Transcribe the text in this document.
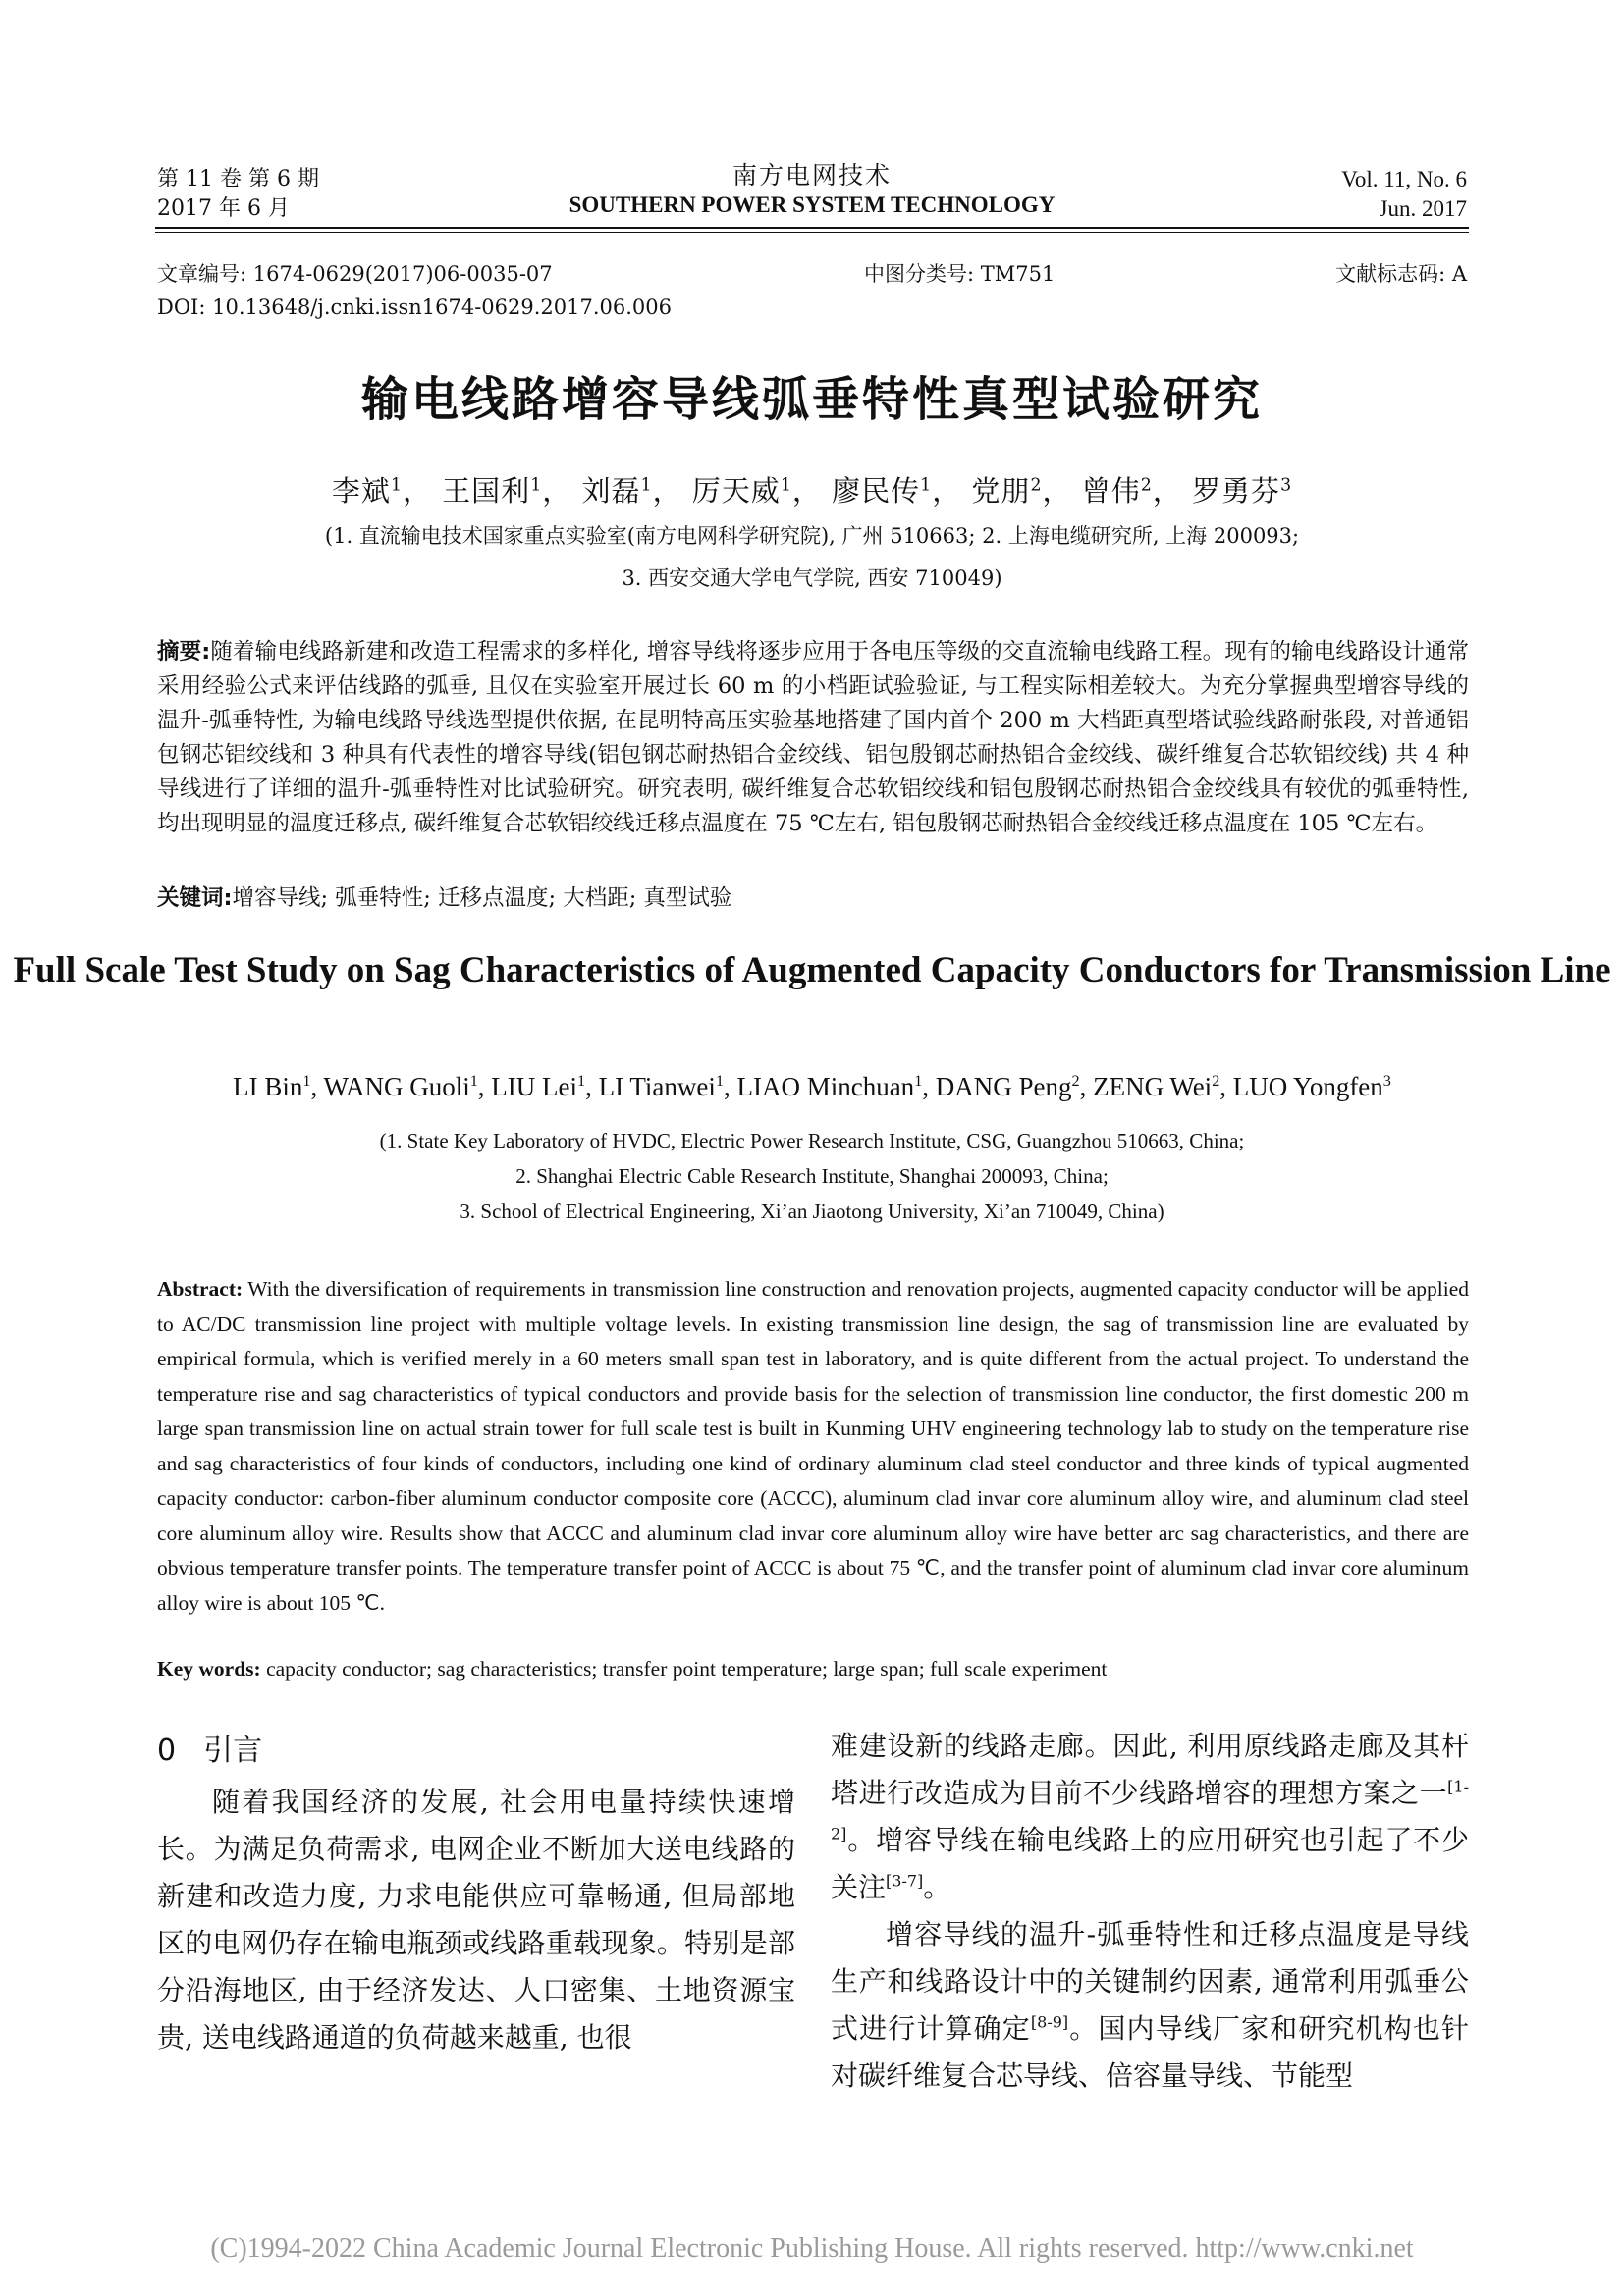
第 11 卷 第 6 期
2017 年 6 月
南方电网技术
SOUTHERN POWER SYSTEM TECHNOLOGY
Vol. 11, No. 6
Jun. 2017
文章编号: 1674-0629(2017)06-0035-07	中图分类号: TM751	文献标志码: A
DOI: 10.13648/j.cnki.issn1674-0629.2017.06.006
输电线路增容导线弧垂特性真型试验研究
李斌$^1$， 王国利$^1$， 刘磊$^1$， 厉天威$^1$， 廖民传$^1$， 党朋$^2$， 曾伟$^2$， 罗勇芬$^3$
(1. 直流输电技术国家重点实验室(南方电网科学研究院), 广州 510663; 2. 上海电缆研究所, 上海 200093;
3. 西安交通大学电气学院, 西安 710049)
摘要:随着输电线路新建和改造工程需求的多样化, 增容导线将逐步应用于各电压等级的交直流输电线路工程。现有的输电线路设计通常采用经验公式来评估线路的弧垂, 且仅在实验室开展过长 60 m 的小档距试验验证, 与工程实际相差较大。为充分掌握典型增容导线的温升-弧垂特性, 为输电线路导线选型提供依据, 在昆明特高压实验基地搭建了国内首个 200 m 大档距真型塔试验线路耐张段, 对普通铝包钢芯铝绞线和 3 种具有代表性的增容导线(铝包钢芯耐热铝合金绞线、铝包殷钢芯耐热铝合金绞线、碳纤维复合芯软铝绞线) 共 4 种导线进行了详细的温升-弧垂特性对比试验研究。研究表明, 碳纤维复合芯软铝绞线和铝包殷钢芯耐热铝合金绞线具有较优的弧垂特性, 均出现明显的温度迁移点, 碳纤维复合芯软铝绞线迁移点温度在 75 ℃左右, 铝包殷钢芯耐热铝合金绞线迁移点温度在 105 ℃左右。
关键词:增容导线; 弧垂特性; 迁移点温度; 大档距; 真型试验
Full Scale Test Study on Sag Characteristics of Augmented Capacity Conductors for Transmission Line
LI Bin$^1$, WANG Guoli$^1$, LIU Lei$^1$, LI Tianwei$^1$, LIAO Minchuan$^1$, DANG Peng$^2$, ZENG Wei$^2$, LUO Yongfen$^3$
(1. State Key Laboratory of HVDC, Electric Power Research Institute, CSG, Guangzhou 510663, China;
2. Shanghai Electric Cable Research Institute, Shanghai 200093, China;
3. School of Electrical Engineering, Xi’an Jiaotong University, Xi’an 710049, China)
Abstract: With the diversification of requirements in transmission line construction and renovation projects, augmented capacity conductor will be applied to AC/DC transmission line project with multiple voltage levels. In existing transmission line design, the sag of transmission line are evaluated by empirical formula, which is verified merely in a 60 meters small span test in laboratory, and is quite different from the actual project. To understand the temperature rise and sag characteristics of typical conductors and provide basis for the selection of transmission line conductor, the first domestic 200 m large span transmission line on actual strain tower for full scale test is built in Kunming UHV engineering technology lab to study on the temperature rise and sag characteristics of four kinds of conductors, including one kind of ordinary aluminum clad steel conductor and three kinds of typical augmented capacity conductor: carbon-fiber aluminum conductor composite core (ACCC), aluminum clad invar core aluminum alloy wire, and aluminum clad steel core aluminum alloy wire. Results show that ACCC and aluminum clad invar core aluminum alloy wire have better arc sag characteristics, and there are obvious temperature transfer points. The temperature transfer point of ACCC is about 75 ℃, and the transfer point of aluminum clad invar core aluminum alloy wire is about 105 ℃.
Key words: capacity conductor; sag characteristics; transfer point temperature; large span; full scale experiment

0 引言

随着我国经济的发展, 社会用电量持续快速增长。为满足负荷需求, 电网企业不断加大送电线路的新建和改造力度, 力求电能供应可靠畅通, 但局部地区的电网仍存在输电瓶颈或线路重载现象。特别是部分沿海地区, 由于经济发达、人口密集、土地资源宝贵, 送电线路通道的负荷越来越重, 也很

难建设新的线路走廊。因此, 利用原线路走廊及其杆塔进行改造成为目前不少线路增容的理想方案之一[1-2]。增容导线在输电线路上的应用研究也引起了不少关注[3-7]。

增容导线的温升-弧垂特性和迁移点温度是导线生产和线路设计中的关键制约因素, 通常利用弧垂公式进行计算确定[8-9]。国内导线厂家和研究机构也针对碳纤维复合芯导线、倍容量导线、节能型

(C)1994-2022 China Academic Journal Electronic Publishing House. All rights reserved. http://www.cnki.net
